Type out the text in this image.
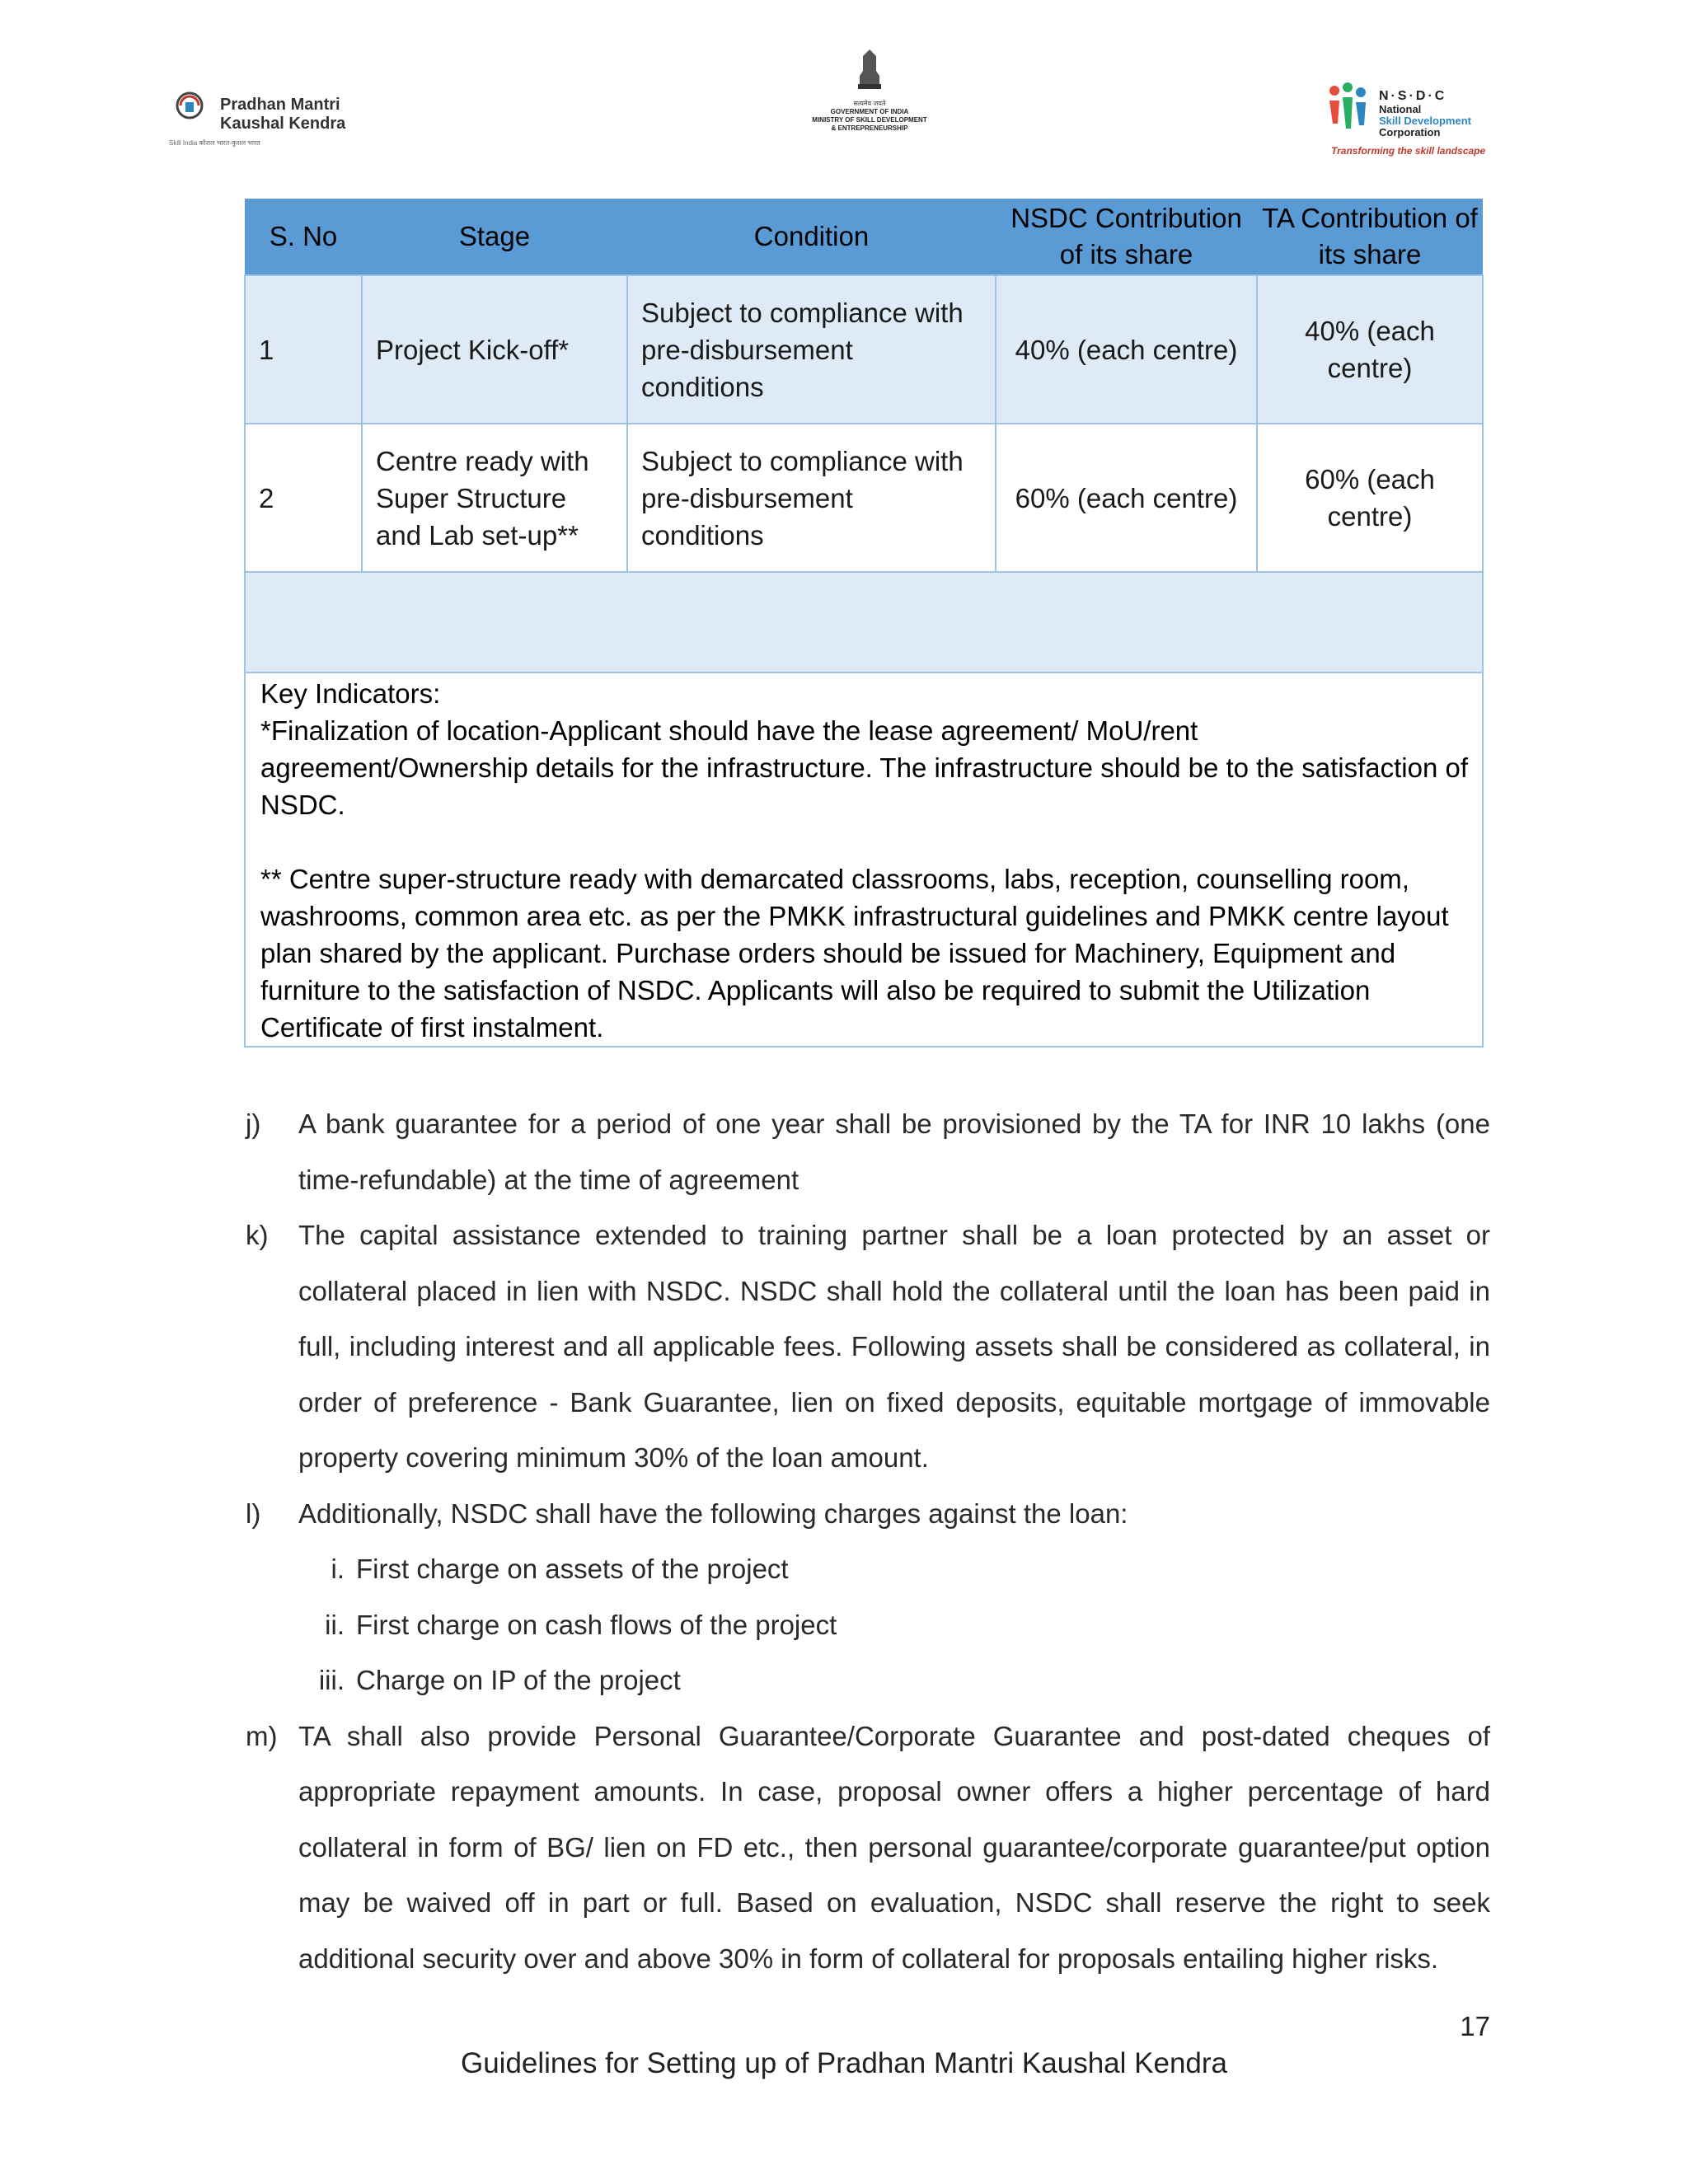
Pradhan Mantri
Kaushal Kendra
Skill India कौशल भारत-कुशल भारत
सत्यमेव जयते
GOVERNMENT OF INDIA
MINISTRY OF SKILL DEVELOPMENT
& ENTREPRENEURSHIP
N·S·D·C
National
Skill Development
Corporation
Transforming the skill landscape
S. No	Stage	Condition	NSDC Contribution of its share	TA Contribution of its share
1	Project Kick-off*	Subject to compliance with pre-disbursement conditions	40% (each centre)	40% (each centre)
2	Centre ready with Super Structure and Lab set-up**	Subject to compliance with pre-disbursement conditions	60% (each centre)	60% (each centre)

Key Indicators:

*Finalization of location-Applicant should have the lease agreement/ MoU/rent agreement/Ownership details for the infrastructure. The infrastructure should be to the satisfaction of NSDC.

** Centre super-structure ready with demarcated classrooms, labs, reception, counselling room, washrooms, common area etc. as per the PMKK infrastructural guidelines and PMKK centre layout plan shared by the applicant. Purchase orders should be issued for Machinery, Equipment and furniture to the satisfaction of NSDC. Applicants will also be required to submit the Utilization Certificate of first instalment.				

j) A bank guarantee for a period of one year shall be provisioned by the TA for INR 10 lakhs (one time-refundable) at the time of agreement
k) The capital assistance extended to training partner shall be a loan protected by an asset or collateral placed in lien with NSDC. NSDC shall hold the collateral until the loan has been paid in full, including interest and all applicable fees. Following assets shall be considered as collateral, in order of preference - Bank Guarantee, lien on fixed deposits, equitable mortgage of immovable property covering minimum 30% of the loan amount.
l) Additionally, NSDC shall have the following charges against the loan:
i. First charge on assets of the project
ii. First charge on cash flows of the project
iii. Charge on IP of the project
m) TA shall also provide Personal Guarantee/Corporate Guarantee and post-dated cheques of appropriate repayment amounts. In case, proposal owner offers a higher percentage of hard collateral in form of BG/ lien on FD etc., then personal guarantee/corporate guarantee/put option may be waived off in part or full. Based on evaluation, NSDC shall reserve the right to seek additional security over and above 30% in form of collateral for proposals entailing higher risks.
17
Guidelines for Setting up of Pradhan Mantri Kaushal Kendra
